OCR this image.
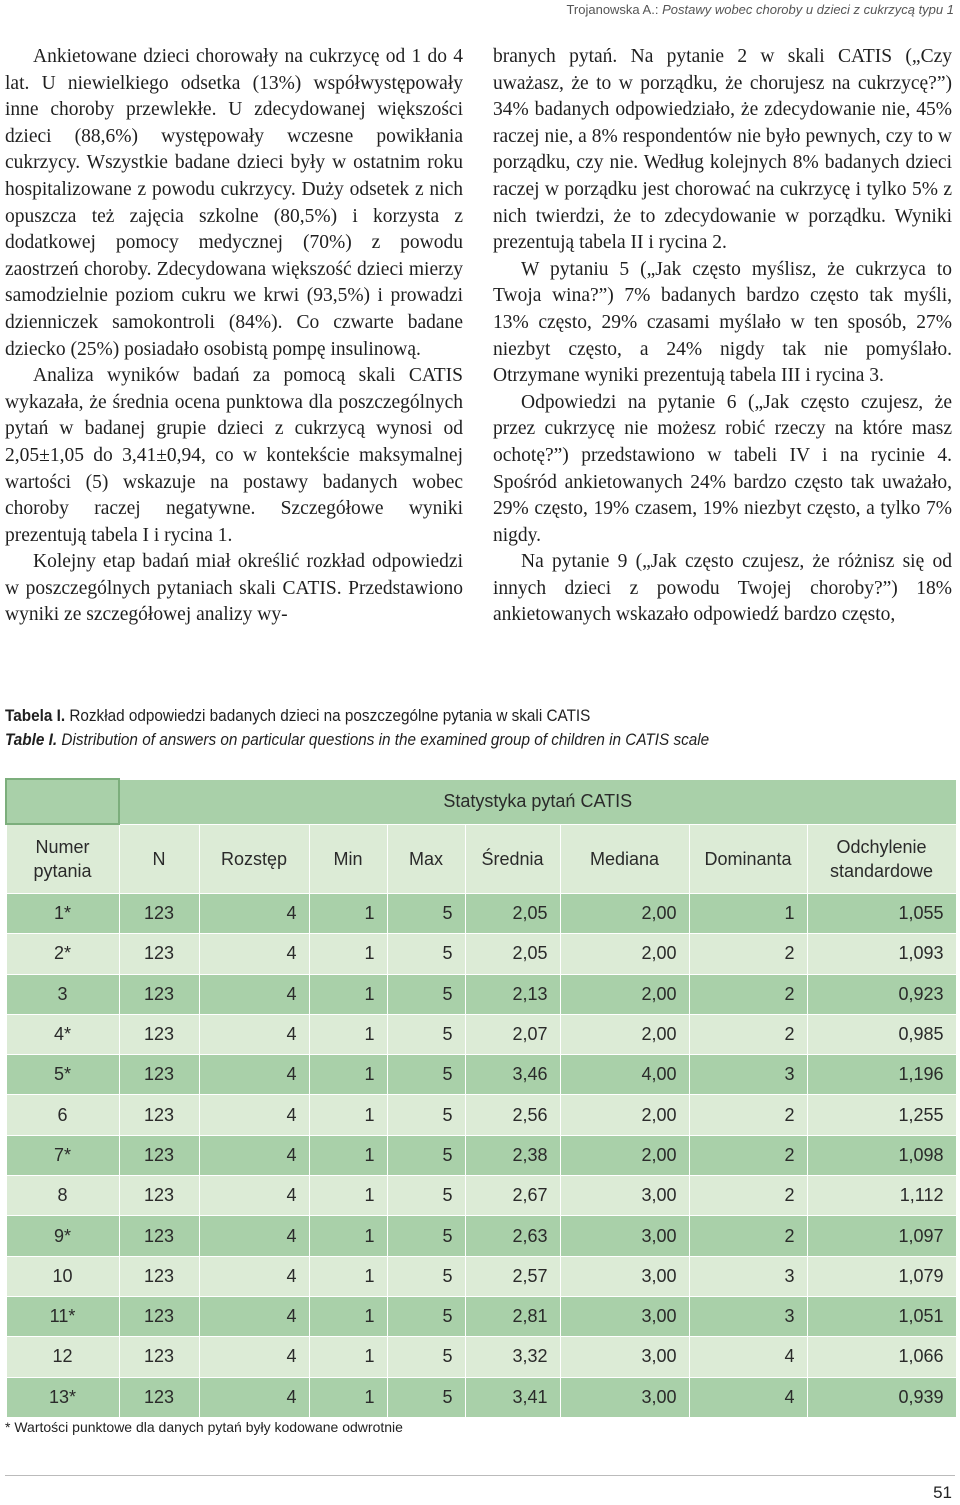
Trojanowska A.: Postawy wobec choroby u dzieci z cukrzycą typu 1

Ankietowane dzieci chorowały na cukrzycę od 1 do 4 lat. U niewielkiego odsetka (13%) współwystępowały inne choroby przewlekłe. U zdecydowanej większości dzieci (88,6%) występowały wczesne powikłania cukrzycy. Wszystkie badane dzieci były w ostatnim roku hospitalizowane z powodu cukrzycy. Duży odsetek z nich opuszcza też zajęcia szkolne (80,5%) i korzysta z dodatkowej pomocy medycznej (70%) z powodu zaostrzeń choroby. Zdecydowana większość dzieci mierzy samodzielnie poziom cukru we krwi (93,5%) i prowadzi dzienniczek samokontroli (84%). Co czwarte badane dziecko (25%) posiadało osobistą pompę insulinową.

Analiza wyników badań za pomocą skali CATIS wykazała, że średnia ocena punktowa dla poszczególnych pytań w badanej grupie dzieci z cukrzycą wynosi od 2,05±1,05 do 3,41±0,94, co w kontekście maksymalnej wartości (5) wskazuje na postawy badanych wobec choroby raczej negatywne. Szczegółowe wyniki prezentują tabela I i rycina 1.

Kolejny etap badań miał określić rozkład odpowiedzi w poszczególnych pytaniach skali CATIS. Przedstawiono wyniki ze szczegółowej analizy wy-

branych pytań. Na pytanie 2 w skali CATIS („Czy uważasz, że to w porządku, że chorujesz na cukrzycę?”) 34% badanych odpowiedziało, że zdecydowanie nie, 45% raczej nie, a 8% respondentów nie było pewnych, czy to w porządku, czy nie. Według kolejnych 8% badanych dzieci raczej w porządku jest chorować na cukrzycę i tylko 5% z nich twierdzi, że to zdecydowanie w porządku. Wyniki prezentują tabela II i rycina 2.

W pytaniu 5 („Jak często myślisz, że cukrzyca to Twoja wina?”) 7% badanych bardzo często tak myśli, 13% często, 29% czasami myślało w ten sposób, 27% niezbyt często, a 24% nigdy tak nie pomyślało. Otrzymane wyniki prezentują tabela III i rycina 3.

Odpowiedzi na pytanie 6 („Jak często czujesz, że przez cukrzycę nie możesz robić rzeczy na które masz ochotę?”) przedstawiono w tabeli IV i na rycinie 4. Spośród ankietowanych 24% bardzo często tak uważało, 29% często, 19% czasem, 19% niezbyt często, a tylko 7% nigdy.

Na pytanie 9 („Jak często czujesz, że różnisz się od innych dzieci z powodu Twojej choroby?”) 18% ankietowanych wskazało odpowiedź bardzo często,

Tabela I. Rozkład odpowiedzi badanych dzieci na poszczególne pytania w skali CATIS
Table I. Distribution of answers on particular questions in the examined group of children in CATIS scale
	Statystyka pytań CATIS							
Numer pytania	N	Rozstęp	Min	Max	Średnia	Mediana	Dominanta	Odchylenie standardowe
1*	123	4	1	5	2,05	2,00	1	1,055
2*	123	4	1	5	2,05	2,00	2	1,093
3	123	4	1	5	2,13	2,00	2	0,923
4*	123	4	1	5	2,07	2,00	2	0,985
5*	123	4	1	5	3,46	4,00	3	1,196
6	123	4	1	5	2,56	2,00	2	1,255
7*	123	4	1	5	2,38	2,00	2	1,098
8	123	4	1	5	2,67	3,00	2	1,112
9*	123	4	1	5	2,63	3,00	2	1,097
10	123	4	1	5	2,57	3,00	3	1,079
11*	123	4	1	5	2,81	3,00	3	1,051
12	123	4	1	5	3,32	3,00	4	1,066
13*	123	4	1	5	3,41	3,00	4	0,939
* Wartości punktowe dla danych pytań były kodowane odwrotnie
51
